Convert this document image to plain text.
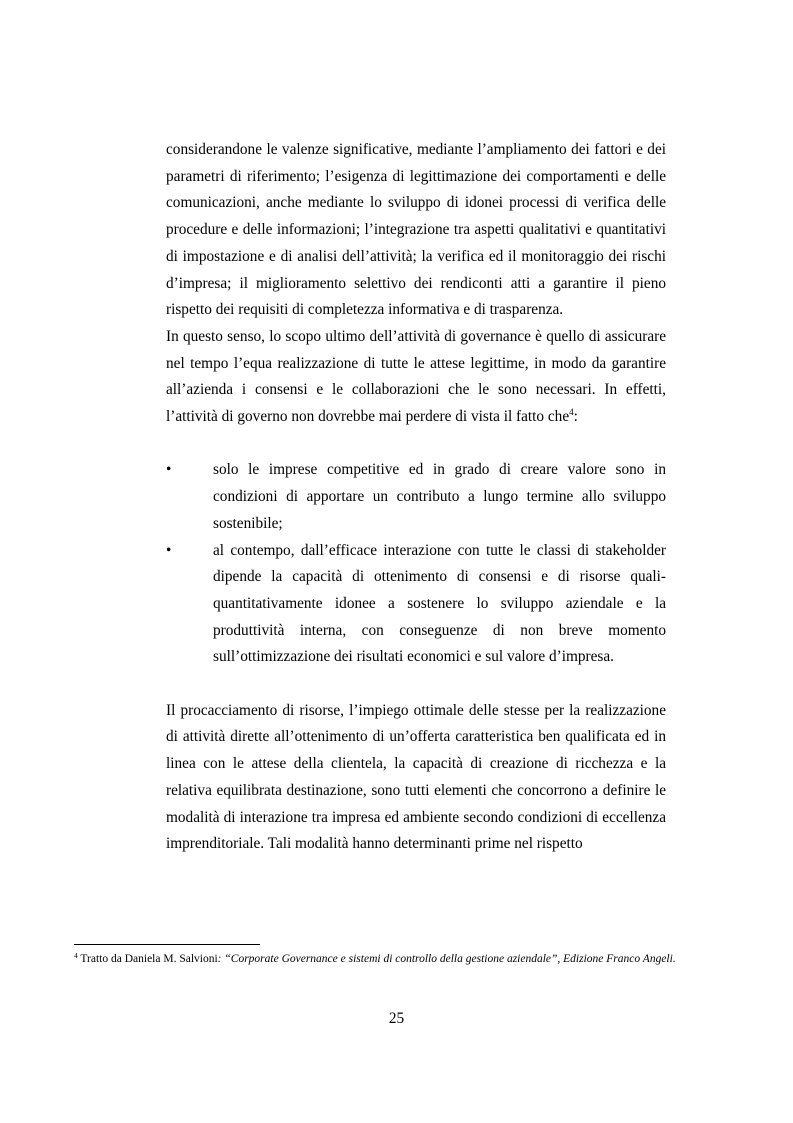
considerandone le valenze significative, mediante l’ampliamento dei fattori e dei parametri di riferimento; l’esigenza di legittimazione dei comportamenti e delle comunicazioni, anche mediante lo sviluppo di idonei processi di verifica delle procedure e delle informazioni; l’integrazione tra aspetti qualitativi e quantitativi di impostazione e di analisi dell’attività; la verifica ed il monitoraggio dei rischi d’impresa; il miglioramento selettivo dei rendiconti atti a garantire il pieno rispetto dei requisiti di completezza informativa e di trasparenza.

In questo senso, lo scopo ultimo dell’attività di governance è quello di assicurare nel tempo l’equa realizzazione di tutte le attese legittime, in modo da garantire all’azienda i consensi e le collaborazioni che le sono necessari. In effetti, l’attività di governo non dovrebbe mai perdere di vista il fatto che$^4$:

•	solo le imprese competitive ed in grado di creare valore sono in condizioni di apportare un contributo a lungo termine allo sviluppo sostenibile;
•	al contempo, dall’efficace interazione con tutte le classi di stakeholder dipende la capacità di ottenimento di consensi e di risorse quali-quantitativamente idonee a sostenere lo sviluppo aziendale e la produttività interna, con conseguenze di non breve momento sull’ottimizzazione dei risultati economici e sul valore d’impresa.

Il procacciamento di risorse, l’impiego ottimale delle stesse per la realizzazione di attività dirette all’ottenimento di un’offerta caratteristica ben qualificata ed in linea con le attese della clientela, la capacità di creazione di ricchezza e la relativa equilibrata destinazione, sono tutti elementi che concorrono a definire le modalità di interazione tra impresa ed ambiente secondo condizioni di eccellenza imprenditoriale. Tali modalità hanno determinanti prime nel rispetto

$^4$ Tratto da Daniela M. Salvioni: “Corporate Governance e sistemi di controllo della gestione aziendale”, Edizione Franco Angeli.
25
